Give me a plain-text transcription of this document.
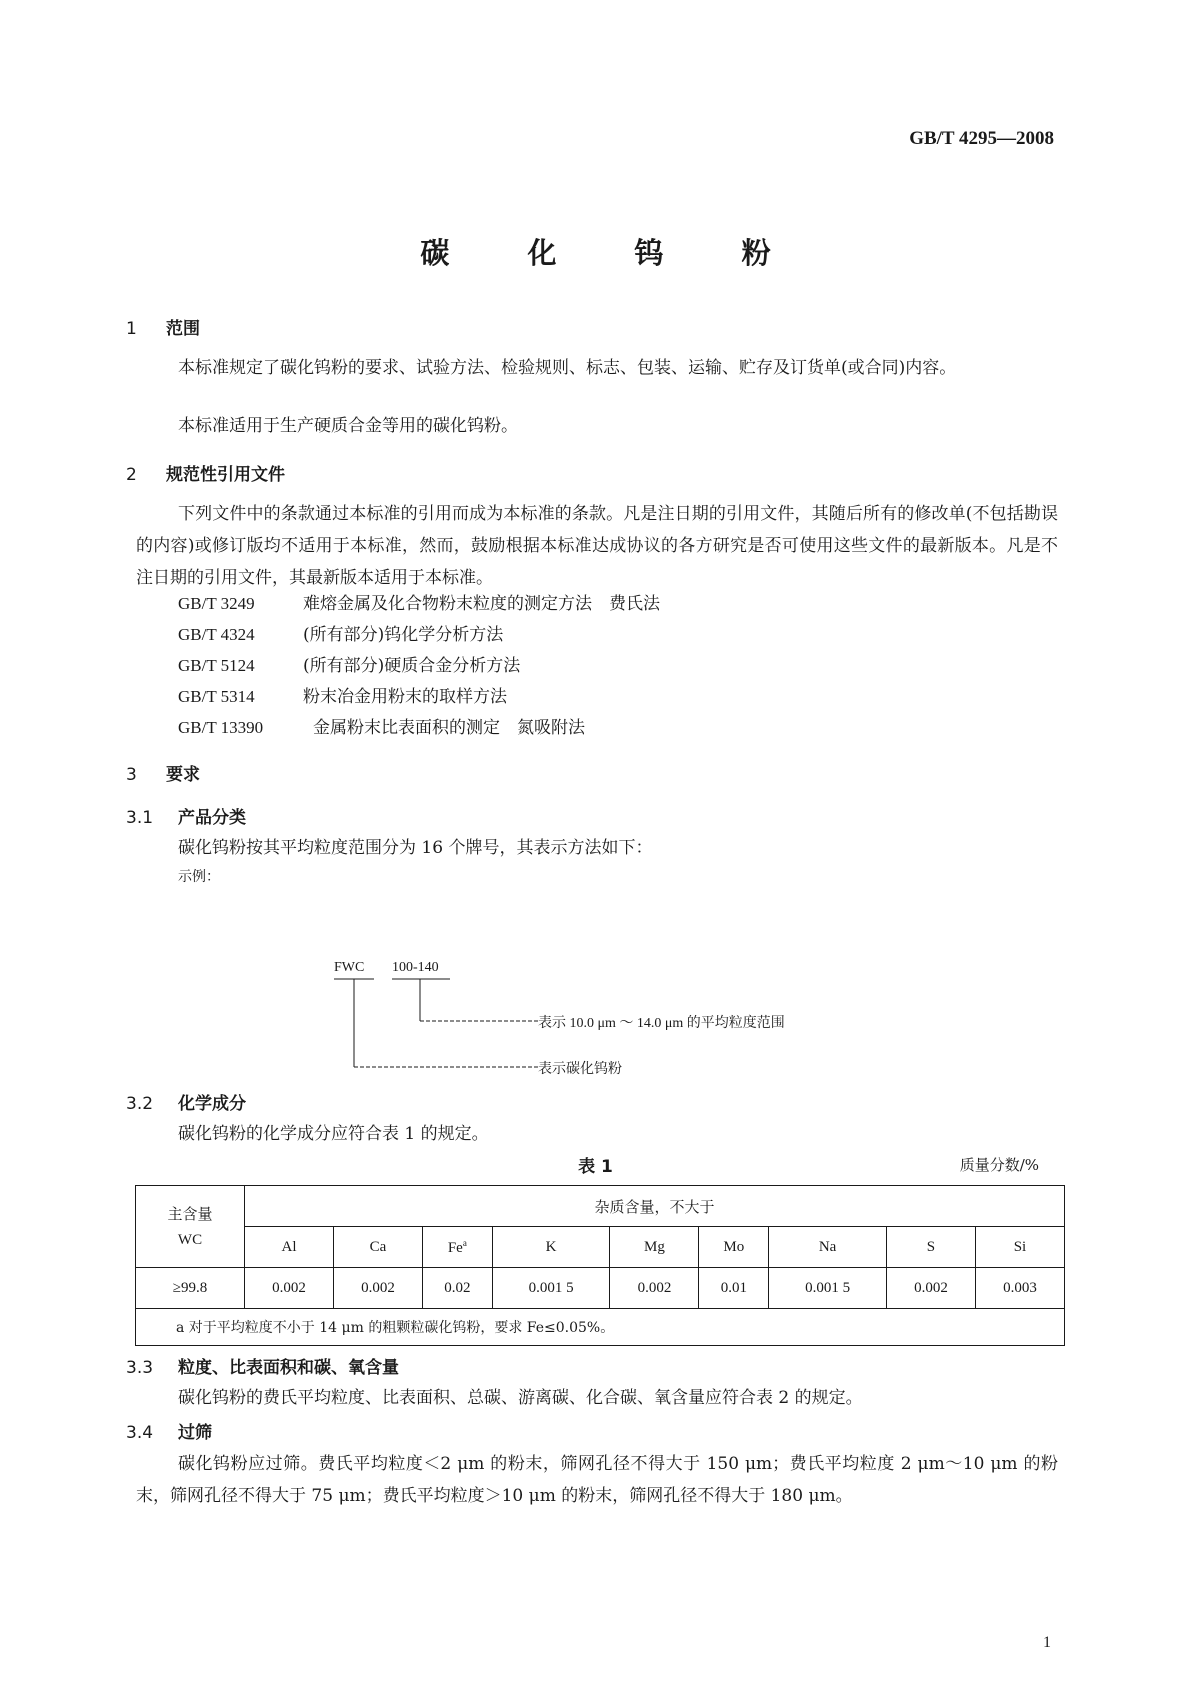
GB/T 4295—2008
碳 化 钨 粉
1 范围
本标准规定了碳化钨粉的要求、试验方法、检验规则、标志、包装、运输、贮存及订货单(或合同)内容。
本标准适用于生产硬质合金等用的碳化钨粉。
2 规范性引用文件
下列文件中的条款通过本标准的引用而成为本标准的条款。凡是注日期的引用文件，其随后所有的修改单(不包括勘误的内容)或修订版均不适用于本标准，然而，鼓励根据本标准达成协议的各方研究是否可使用这些文件的最新版本。凡是不注日期的引用文件，其最新版本适用于本标准。
GB/T 3249	难熔金属及化合物粉末粒度的测定方法　费氏法
GB/T 4324	(所有部分)钨化学分析方法
GB/T 5124	(所有部分)硬质合金分析方法
GB/T 5314	粉末冶金用粉末的取样方法
GB/T 13390	金属粉末比表面积的测定　氮吸附法
3 要求
3.1 产品分类
碳化钨粉按其平均粒度范围分为 16 个牌号，其表示方法如下：
示例：
FWC 100-140
表示 10.0 μm ～ 14.0 μm 的平均粒度范围
表示碳化钨粉
3.2 化学成分
碳化钨粉的化学成分应符合表 1 的规定。
表 1	质量分数/%
主含量
WC	杂质含量，不大于								
	Al	Ca	Fe$^a$	K	Mg	Mo	Na	S	Si
≥99.8	0.002	0.002	0.02	0.001 5	0.002	0.01	0.001 5	0.002	0.003
a 对于平均粒度不小于 14 μm 的粗颗粒碳化钨粉，要求 Fe≤0.05%。									
3.3 粒度、比表面积和碳、氧含量
碳化钨粉的费氏平均粒度、比表面积、总碳、游离碳、化合碳、氧含量应符合表 2 的规定。
3.4 过筛
碳化钨粉应过筛。费氏平均粒度＜2 μm 的粉末，筛网孔径不得大于 150 μm；费氏平均粒度 2 μm～10 μm 的粉末，筛网孔径不得大于 75 μm；费氏平均粒度＞10 μm 的粉末，筛网孔径不得大于 180 μm。
1
